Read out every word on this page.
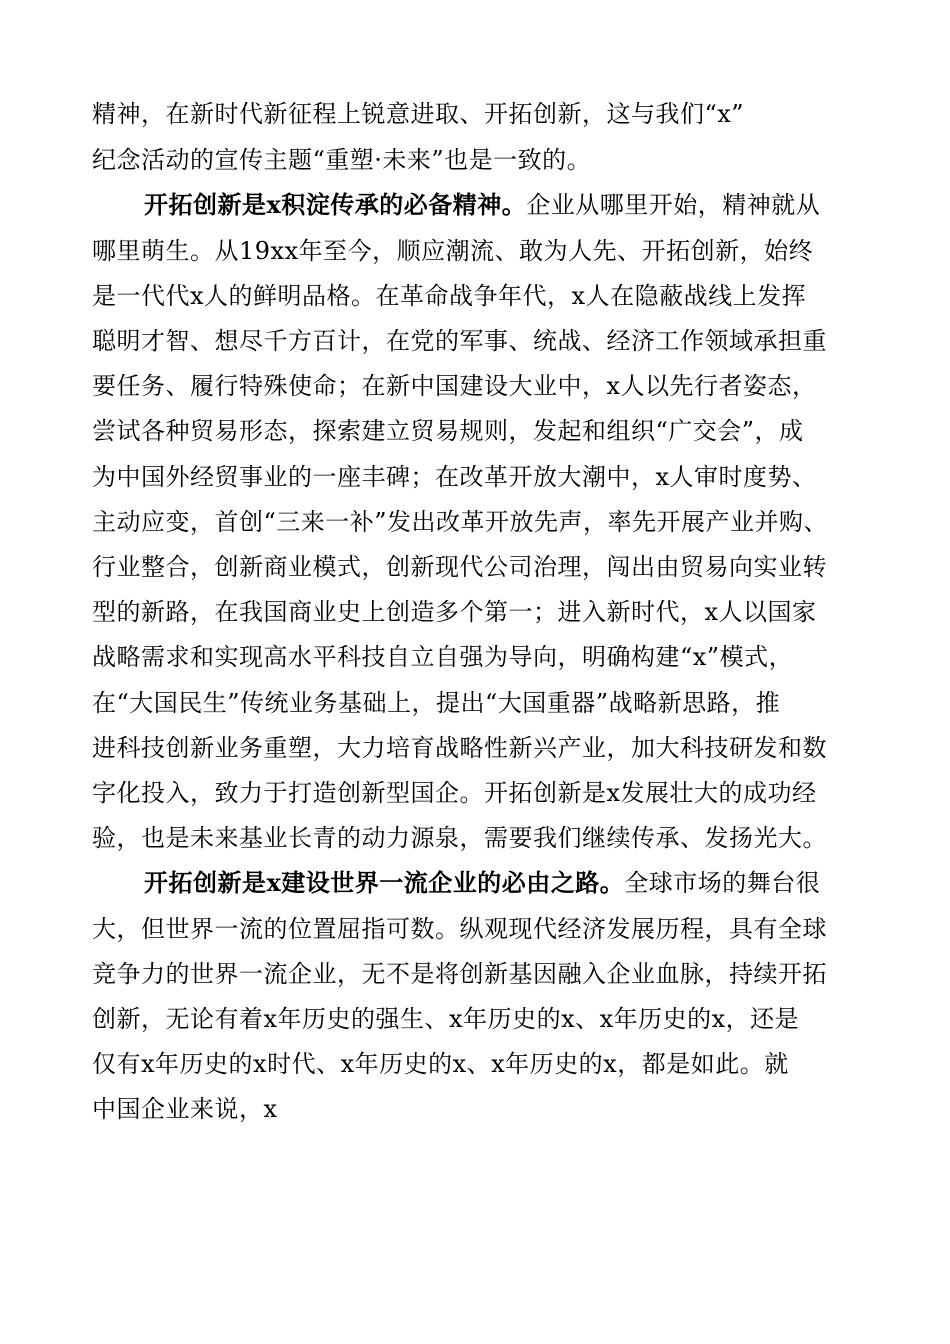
精神，在新时代新征程上锐意进取、开拓创新，这与我们“x”
纪念活动的宣传主题“重塑·未来”也是一致的。
开拓创新是x积淀传承的必备精神。企业从哪里开始，精神就从
哪里萌生。从19xx年至今，顺应潮流、敢为人先、开拓创新，始终
是一代代x人的鲜明品格。在革命战争年代，x人在隐蔽战线上发挥
聪明才智、想尽千方百计，在党的军事、统战、经济工作领域承担重
要任务、履行特殊使命；在新中国建设大业中，x人以先行者姿态，
尝试各种贸易形态，探索建立贸易规则，发起和组织“广交会”，成
为中国外经贸事业的一座丰碑；在改革开放大潮中，x人审时度势、
主动应变，首创“三来一补”发出改革开放先声，率先开展产业并购、
行业整合，创新商业模式，创新现代公司治理，闯出由贸易向实业转
型的新路，在我国商业史上创造多个第一；进入新时代，x人以国家
战略需求和实现高水平科技自立自强为导向，明确构建“x”模式，
在“大国民生”传统业务基础上，提出“大国重器”战略新思路，推
进科技创新业务重塑，大力培育战略性新兴产业，加大科技研发和数
字化投入，致力于打造创新型国企。开拓创新是x发展壮大的成功经
验，也是未来基业长青的动力源泉，需要我们继续传承、发扬光大。
开拓创新是x建设世界一流企业的必由之路。全球市场的舞台很
大，但世界一流的位置屈指可数。纵观现代经济发展历程，具有全球
竞争力的世界一流企业，无不是将创新基因融入企业血脉，持续开拓
创新，无论有着x年历史的强生、x年历史的x、x年历史的x，还是
仅有x年历史的x时代、x年历史的x、x年历史的x，都是如此。就
中国企业来说，x
